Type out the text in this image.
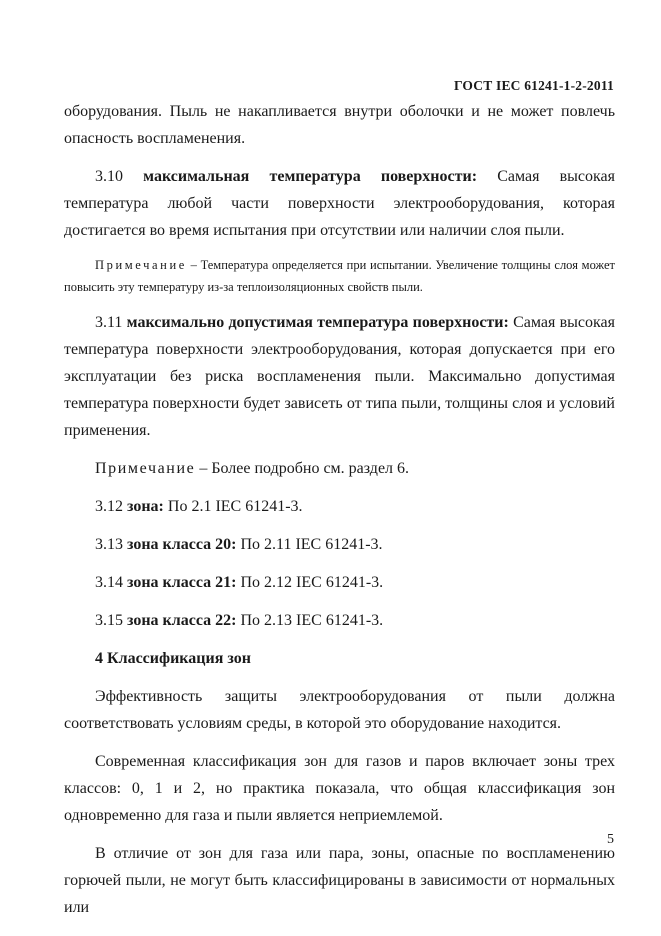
ГОСТ IEC 61241-1-2-2011

оборудования. Пыль не накапливается внутри оболочки и не может повлечь опасность воспламенения.

3.10 максимальная температура поверхности: Самая высокая температура любой части поверхности электрооборудования, которая достигается во время испытания при отсутствии или наличии слоя пыли.

Примечание – Температура определяется при испытании. Увеличение толщины слоя может повысить эту температуру из-за теплоизоляционных свойств пыли.

3.11 максимально допустимая температура поверхности: Самая высокая температура поверхности электрооборудования, которая допускается при его эксплуатации без риска воспламенения пыли. Максимально допустимая температура поверхности будет зависеть от типа пыли, толщины слоя и условий применения.

Примечание – Более подробно см. раздел 6.

3.12 зона: По 2.1 IEC 61241-3.

3.13 зона класса 20: По 2.11 IEC 61241-3.

3.14 зона класса 21: По 2.12 IEC 61241-3.

3.15 зона класса 22: По 2.13 IEC 61241-3.

4 Классификация зон

Эффективность защиты электрооборудования от пыли должна соответствовать условиям среды, в которой это оборудование находится.

Современная классификация зон для газов и паров включает зоны трех классов: 0, 1 и 2, но практика показала, что общая классификация зон одновременно для газа и пыли является неприемлемой.

В отличие от зон для газа или пара, зоны, опасные по воспламенению горючей пыли, не могут быть классифицированы в зависимости от нормальных или

5
